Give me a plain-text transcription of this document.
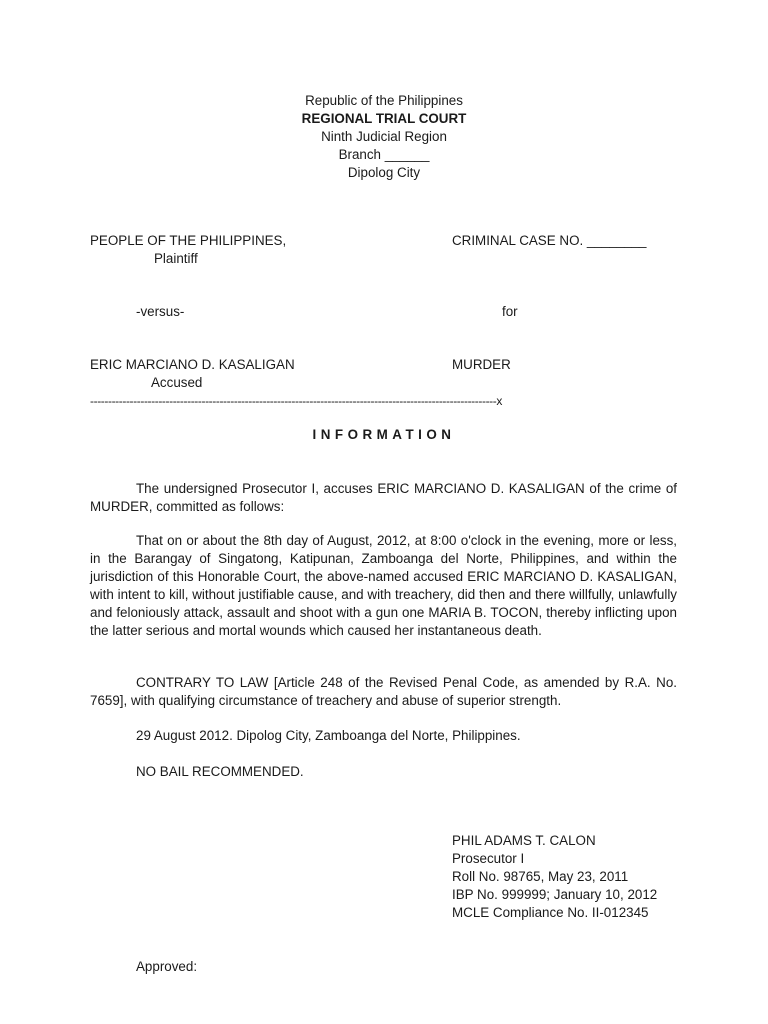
Republic of the Philippines
REGIONAL TRIAL COURT
Ninth Judicial Region
Branch ______
Dipolog City
PEOPLE OF THE PHILIPPINES,
Plaintiff
CRIMINAL CASE NO. ________
-versus-	for
ERIC MARCIANO D. KASALIGAN
Accused
MURDER
-----------------------------------------------------------------------------------------------------------------x
INFORMATION
The undersigned Prosecutor I, accuses ERIC MARCIANO D. KASALIGAN of the crime of MURDER, committed as follows:
That on or about the 8th day of August, 2012, at 8:00 o'clock in the evening, more or less, in the Barangay of Singatong, Katipunan, Zamboanga del Norte, Philippines, and within the jurisdiction of this Honorable Court, the above-named accused ERIC MARCIANO D. KASALIGAN, with intent to kill, without justifiable cause, and with treachery, did then and there willfully, unlawfully and feloniously attack, assault and shoot with a gun one MARIA B. TOCON, thereby inflicting upon the latter serious and mortal wounds which caused her instantaneous death.
CONTRARY TO LAW [Article 248 of the Revised Penal Code, as amended by R.A. No. 7659], with qualifying circumstance of treachery and abuse of superior strength.
29 August 2012. Dipolog City, Zamboanga del Norte, Philippines.
NO BAIL RECOMMENDED.
PHIL ADAMS T. CALON
Prosecutor I
Roll No. 98765, May 23, 2011
IBP No. 999999; January 10, 2012
MCLE Compliance No. II-012345
Approved:
